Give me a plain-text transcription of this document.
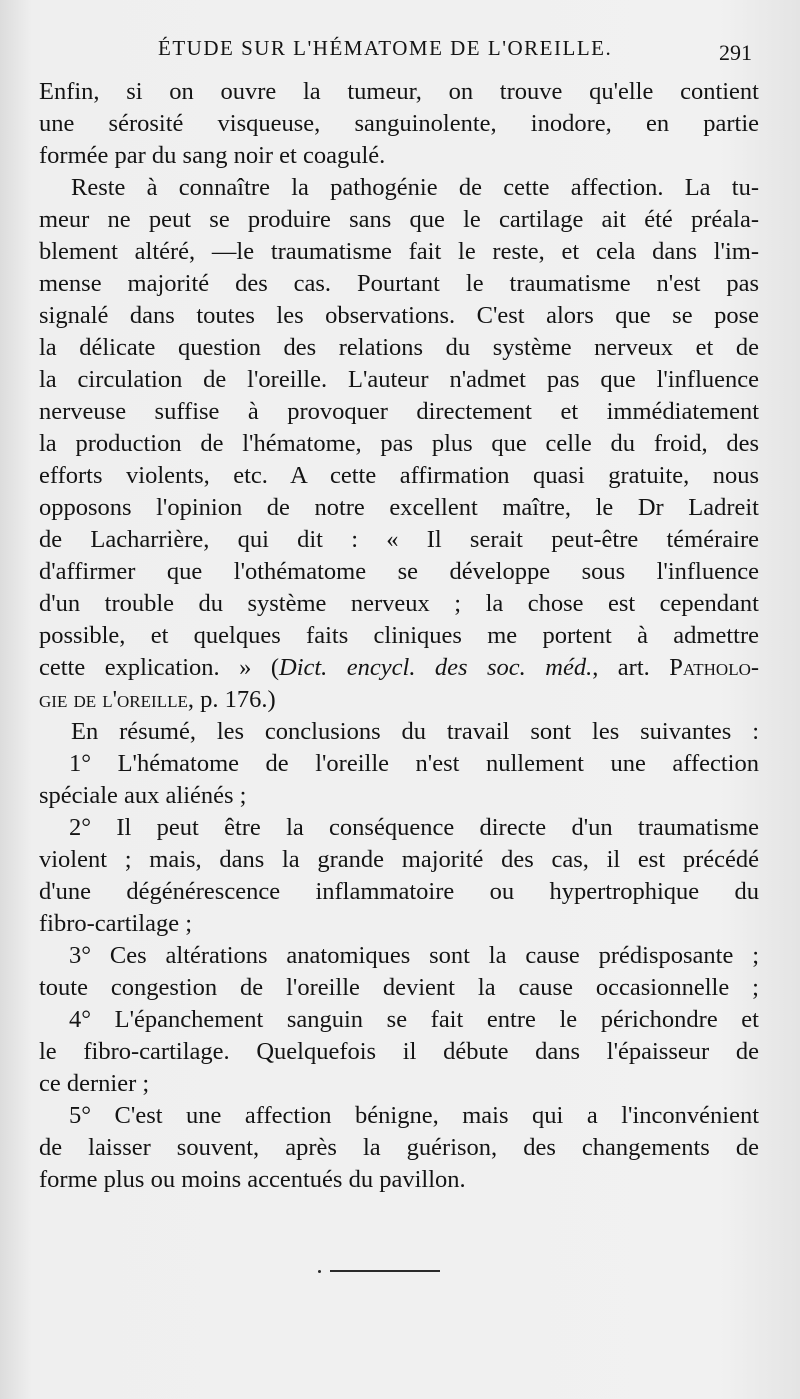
ÉTUDE SUR L'HÉMATOME DE L'OREILLE.	291
Enfin, si on ouvre la tumeur, on trouve qu'elle contient
une sérosité visqueuse, sanguinolente, inodore, en partie
formée par du sang noir et coagulé.
Reste à connaître la pathogénie de cette affection. La tu-
meur ne peut se produire sans que le cartilage ait été préala-
blement altéré, —le traumatisme fait le reste, et cela dans l'im-
mense majorité des cas. Pourtant le traumatisme n'est pas
signalé dans toutes les observations. C'est alors que se pose
la délicate question des relations du système nerveux et de
la circulation de l'oreille. L'auteur n'admet pas que l'influence
nerveuse suffise à provoquer directement et immédiatement
la production de l'hématome, pas plus que celle du froid, des
efforts violents, etc. A cette affirmation quasi gratuite, nous
opposons l'opinion de notre excellent maître, le Dr Ladreit
de Lacharrière, qui dit : « Il serait peut-être téméraire
d'affirmer que l'othématome se développe sous l'influence
d'un trouble du système nerveux ; la chose est cependant
possible, et quelques faits cliniques me portent à admettre
cette explication. » (Dict. encycl. des soc. méd., art. Patholo-
gie de l'oreille, p. 176.)
En résumé, les conclusions du travail sont les suivantes :
1° L'hématome de l'oreille n'est nullement une affection
spéciale aux aliénés ;
2° Il peut être la conséquence directe d'un traumatisme
violent ; mais, dans la grande majorité des cas, il est précédé
d'une dégénérescence inflammatoire ou hypertrophique du
fibro-cartilage ;
3° Ces altérations anatomiques sont la cause prédisposante ;
toute congestion de l'oreille devient la cause occasionnelle ;
4° L'épanchement sanguin se fait entre le périchondre et
le fibro-cartilage. Quelquefois il débute dans l'épaisseur de
ce dernier ;
5° C'est une affection bénigne, mais qui a l'inconvénient
de laisser souvent, après la guérison, des changements de
forme plus ou moins accentués du pavillon.
